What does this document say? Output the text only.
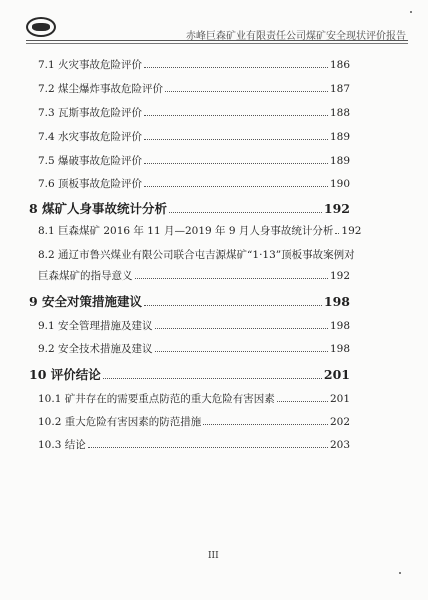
赤峰巨森矿业有限责任公司煤矿安全现状评价报告
7.1 火灾事故危险评价	186
7.2 煤尘爆炸事故危险评价	187
7.3 瓦斯事故危险评价	188
7.4 水灾事故危险评价	189
7.5 爆破事故危险评价	189
7.6 顶板事故危险评价	190
8 煤矿人身事故统计分析	192
8.1 巨森煤矿 2016 年 11 月—2019 年 9 月人身事故统计分析 192
8.2 通辽市鲁兴煤业有限公司联合屯吉源煤矿“1·13”顶板事故案例对
巨森煤矿的指导意义	192
9 安全对策措施建议	198
9.1 安全管理措施及建议	198
9.2 安全技术措施及建议	198
10 评价结论	201
10.1 矿井存在的需要重点防范的重大危险有害因素	201
10.2 重大危险有害因素的防范措施	202
10.3 结论	203
III
